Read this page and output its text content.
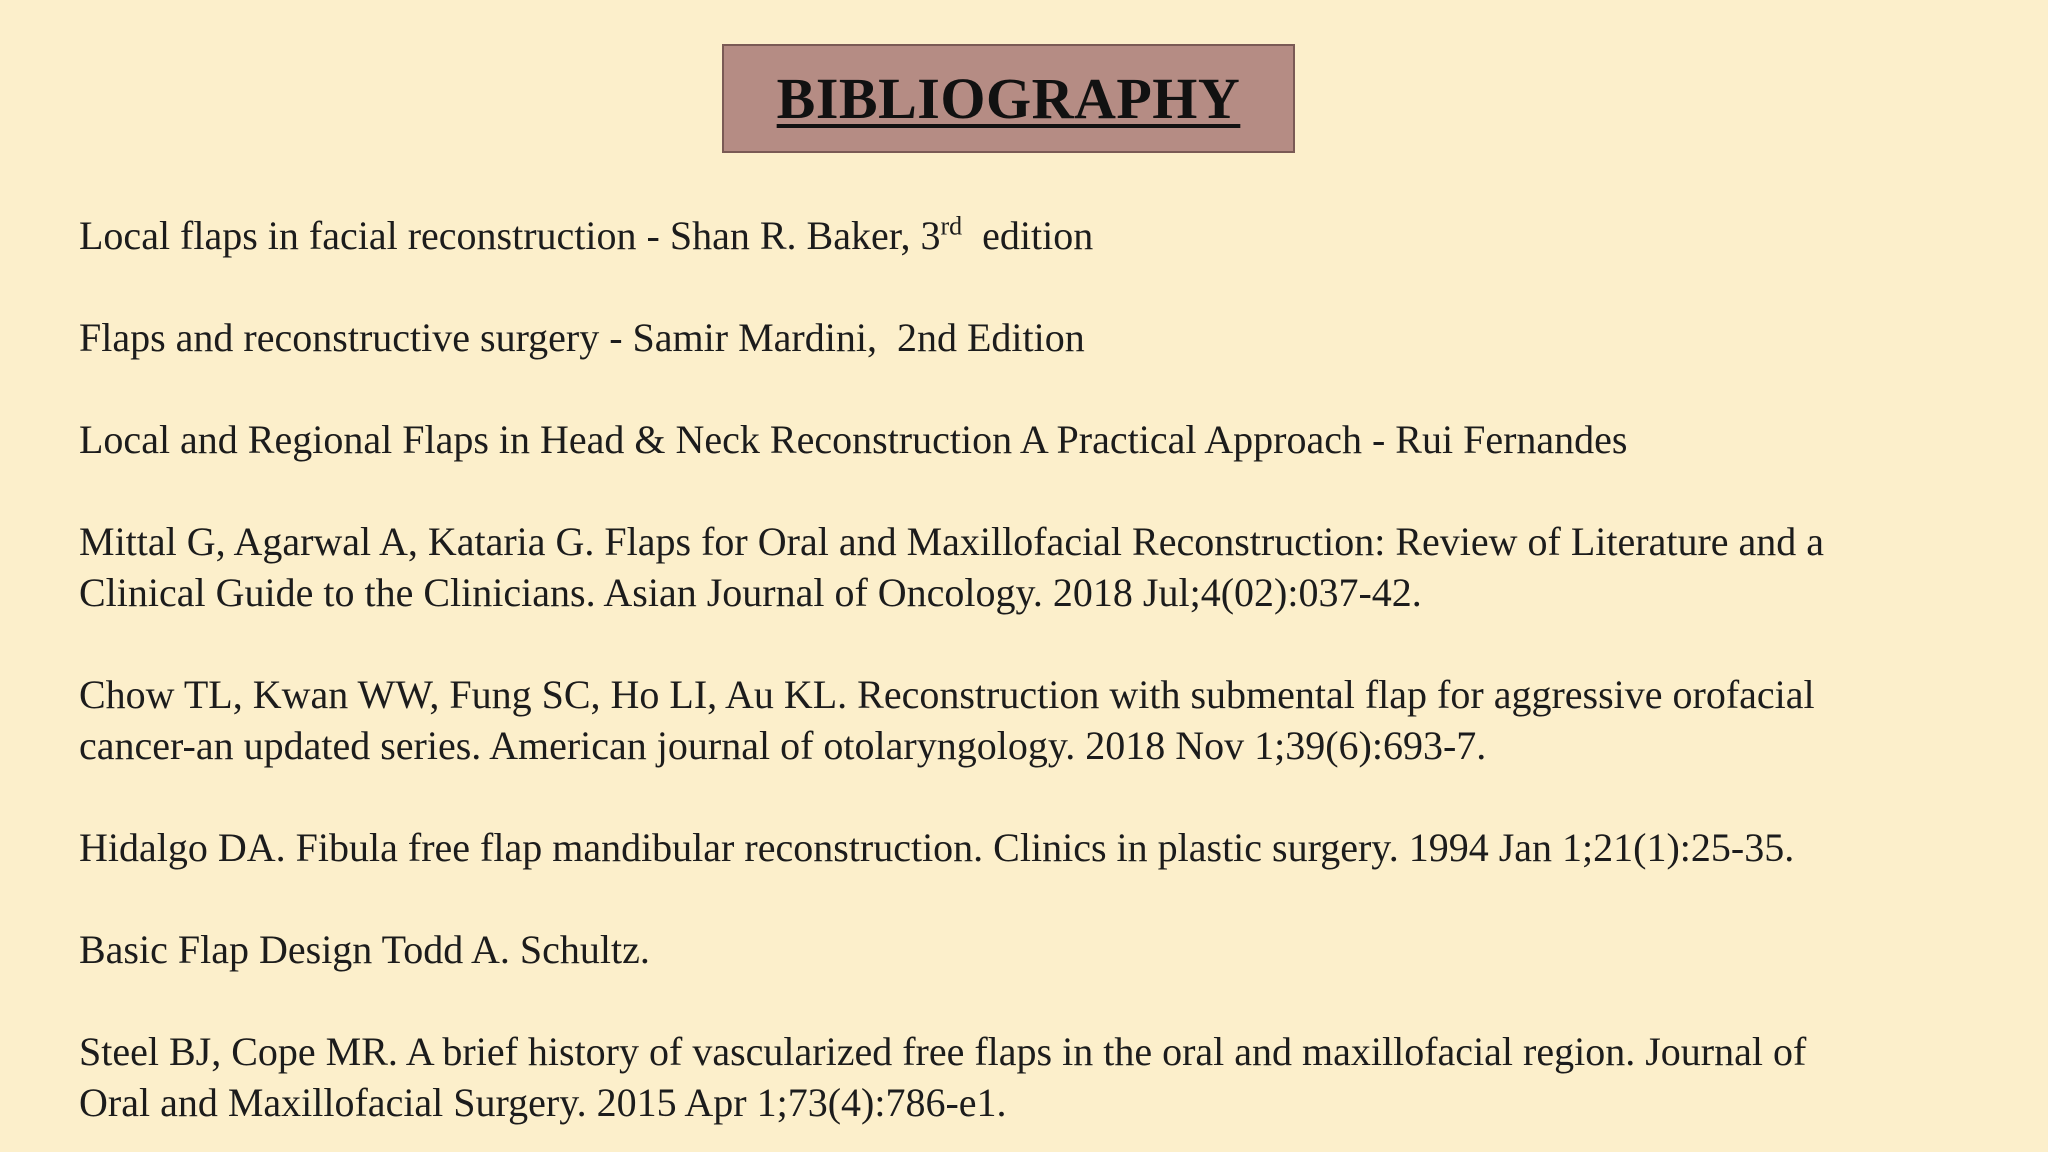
BIBLIOGRAPHY

Local flaps in facial reconstruction - Shan R. Baker, 3rd  edition

Flaps and reconstructive surgery - Samir Mardini,  2nd Edition

Local and Regional Flaps in Head & Neck Reconstruction A Practical Approach - Rui Fernandes

Mittal G, Agarwal A, Kataria G. Flaps for Oral and Maxillofacial Reconstruction: Review of Literature and a

Clinical Guide to the Clinicians. Asian Journal of Oncology. 2018 Jul;4(02):037-42.

Chow TL, Kwan WW, Fung SC, Ho LI, Au KL. Reconstruction with submental flap for aggressive orofacial

cancer-an updated series. American journal of otolaryngology. 2018 Nov 1;39(6):693-7.

Hidalgo DA. Fibula free flap mandibular reconstruction. Clinics in plastic surgery. 1994 Jan 1;21(1):25-35.

Basic Flap Design Todd A. Schultz.

Steel BJ, Cope MR. A brief history of vascularized free flaps in the oral and maxillofacial region. Journal of

Oral and Maxillofacial Surgery. 2015 Apr 1;73(4):786-e1.
